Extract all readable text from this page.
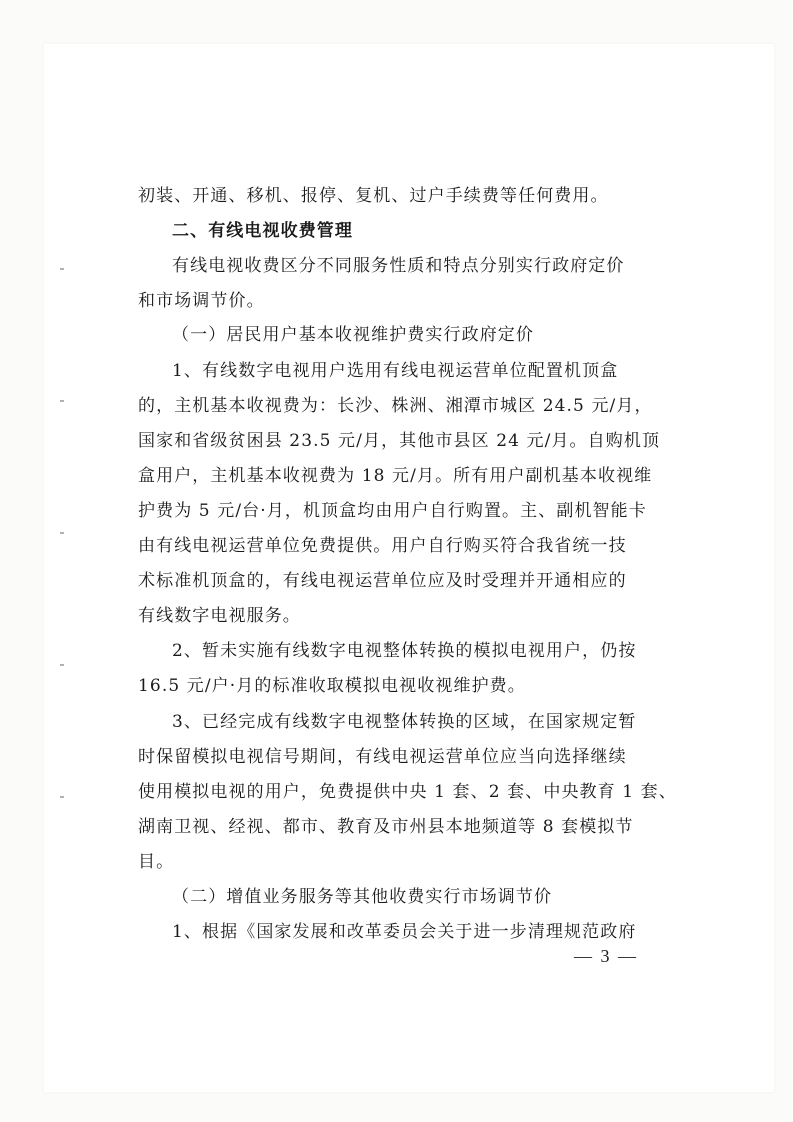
初装、开通、移机、报停、复机、过户手续费等任何费用。
二、有线电视收费管理
有线电视收费区分不同服务性质和特点分别实行政府定价
和市场调节价。
（一）居民用户基本收视维护费实行政府定价
1、有线数字电视用户选用有线电视运营单位配置机顶盒
的，主机基本收视费为：长沙、株洲、湘潭市城区 24.5 元/月，
国家和省级贫困县 23.5 元/月，其他市县区 24 元/月。自购机顶
盒用户，主机基本收视费为 18 元/月。所有用户副机基本收视维
护费为 5 元/台·月，机顶盒均由用户自行购置。主、副机智能卡
由有线电视运营单位免费提供。用户自行购买符合我省统一技
术标准机顶盒的，有线电视运营单位应及时受理并开通相应的
有线数字电视服务。
2、暂未实施有线数字电视整体转换的模拟电视用户，仍按
16.5 元/户·月的标准收取模拟电视收视维护费。
3、已经完成有线数字电视整体转换的区域，在国家规定暂
时保留模拟电视信号期间，有线电视运营单位应当向选择继续
使用模拟电视的用户，免费提供中央 1 套、2 套、中央教育 1 套、
湖南卫视、经视、都市、教育及市州县本地频道等 8 套模拟节
目。
（二）增值业务服务等其他收费实行市场调节价
1、根据《国家发展和改革委员会关于进一步清理规范政府
— 3 —
